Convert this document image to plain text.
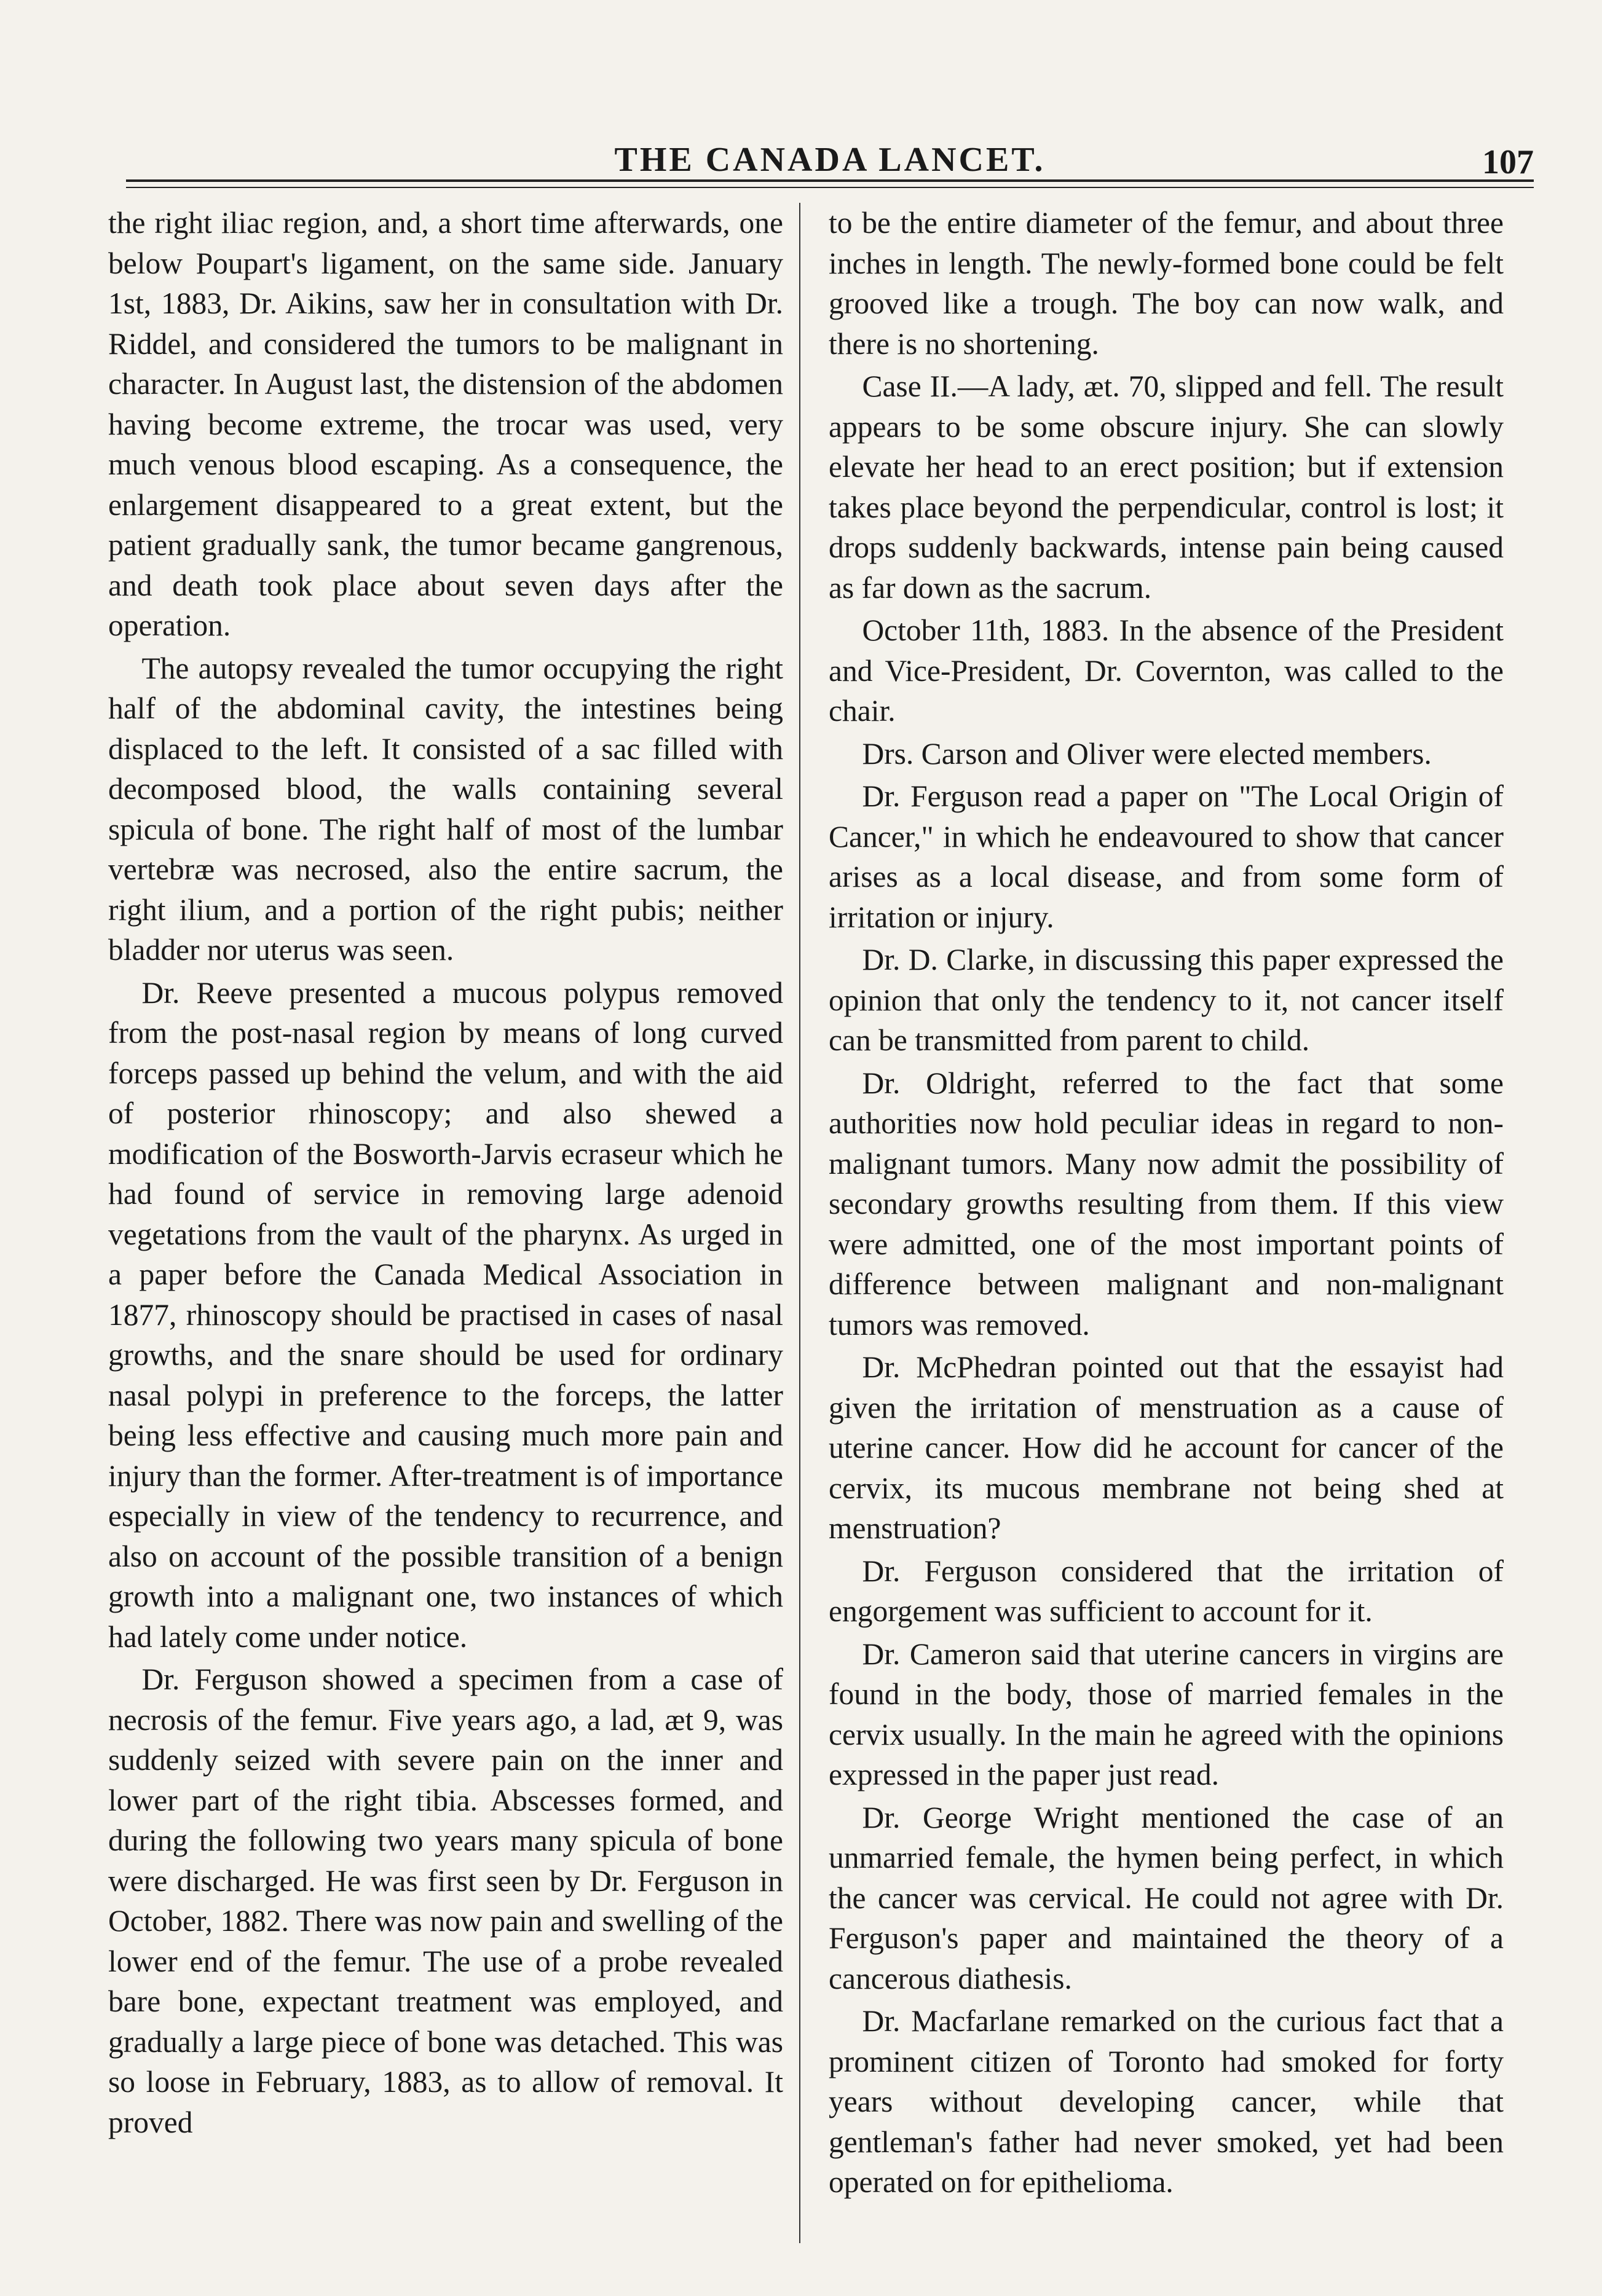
THE CANADA LANCET.	107

the right iliac region, and, a short time afterwards, one below Poupart's ligament, on the same side. January 1st, 1883, Dr. Aikins, saw her in consultation with Dr. Riddel, and considered the tumors to be malignant in character. In August last, the distension of the abdomen having become extreme, the trocar was used, very much venous blood escaping. As a consequence, the enlargement disappeared to a great extent, but the patient gradually sank, the tumor became gangrenous, and death took place about seven days after the operation.

The autopsy revealed the tumor occupying the right half of the abdominal cavity, the intestines being displaced to the left. It consisted of a sac filled with decomposed blood, the walls containing several spicula of bone. The right half of most of the lumbar vertebræ was necrosed, also the entire sacrum, the right ilium, and a portion of the right pubis; neither bladder nor uterus was seen.

Dr. Reeve presented a mucous polypus removed from the post-nasal region by means of long curved forceps passed up behind the velum, and with the aid of posterior rhinoscopy; and also shewed a modification of the Bosworth-Jarvis ecraseur which he had found of service in removing large adenoid vegetations from the vault of the pharynx. As urged in a paper before the Canada Medical Association in 1877, rhinoscopy should be practised in cases of nasal growths, and the snare should be used for ordinary nasal polypi in preference to the forceps, the latter being less effective and causing much more pain and injury than the former. After-treatment is of importance especially in view of the tendency to recurrence, and also on account of the possible transition of a benign growth into a malignant one, two instances of which had lately come under notice.

Dr. Ferguson showed a specimen from a case of necrosis of the femur. Five years ago, a lad, æt 9, was suddenly seized with severe pain on the inner and lower part of the right tibia. Abscesses formed, and during the following two years many spicula of bone were discharged. He was first seen by Dr. Ferguson in October, 1882. There was now pain and swelling of the lower end of the femur. The use of a probe revealed bare bone, expectant treatment was employed, and gradually a large piece of bone was detached. This was so loose in February, 1883, as to allow of removal. It proved

to be the entire diameter of the femur, and about three inches in length. The newly-formed bone could be felt grooved like a trough. The boy can now walk, and there is no shortening.

Case II.—A lady, æt. 70, slipped and fell. The result appears to be some obscure injury. She can slowly elevate her head to an erect position; but if extension takes place beyond the perpendicular, control is lost; it drops suddenly backwards, intense pain being caused as far down as the sacrum.

October 11th, 1883. In the absence of the President and Vice-President, Dr. Covernton, was called to the chair.

Drs. Carson and Oliver were elected members.

Dr. Ferguson read a paper on "The Local Origin of Cancer," in which he endeavoured to show that cancer arises as a local disease, and from some form of irritation or injury.

Dr. D. Clarke, in discussing this paper expressed the opinion that only the tendency to it, not cancer itself can be transmitted from parent to child.

Dr. Oldright, referred to the fact that some authorities now hold peculiar ideas in regard to non-malignant tumors. Many now admit the possibility of secondary growths resulting from them. If this view were admitted, one of the most important points of difference between malignant and non-malignant tumors was removed.

Dr. McPhedran pointed out that the essayist had given the irritation of menstruation as a cause of uterine cancer. How did he account for cancer of the cervix, its mucous membrane not being shed at menstruation?

Dr. Ferguson considered that the irritation of engorgement was sufficient to account for it.

Dr. Cameron said that uterine cancers in virgins are found in the body, those of married females in the cervix usually. In the main he agreed with the opinions expressed in the paper just read.

Dr. George Wright mentioned the case of an unmarried female, the hymen being perfect, in which the cancer was cervical. He could not agree with Dr. Ferguson's paper and maintained the theory of a cancerous diathesis.

Dr. Macfarlane remarked on the curious fact that a prominent citizen of Toronto had smoked for forty years without developing cancer, while that gentleman's father had never smoked, yet had been operated on for epithelioma.
